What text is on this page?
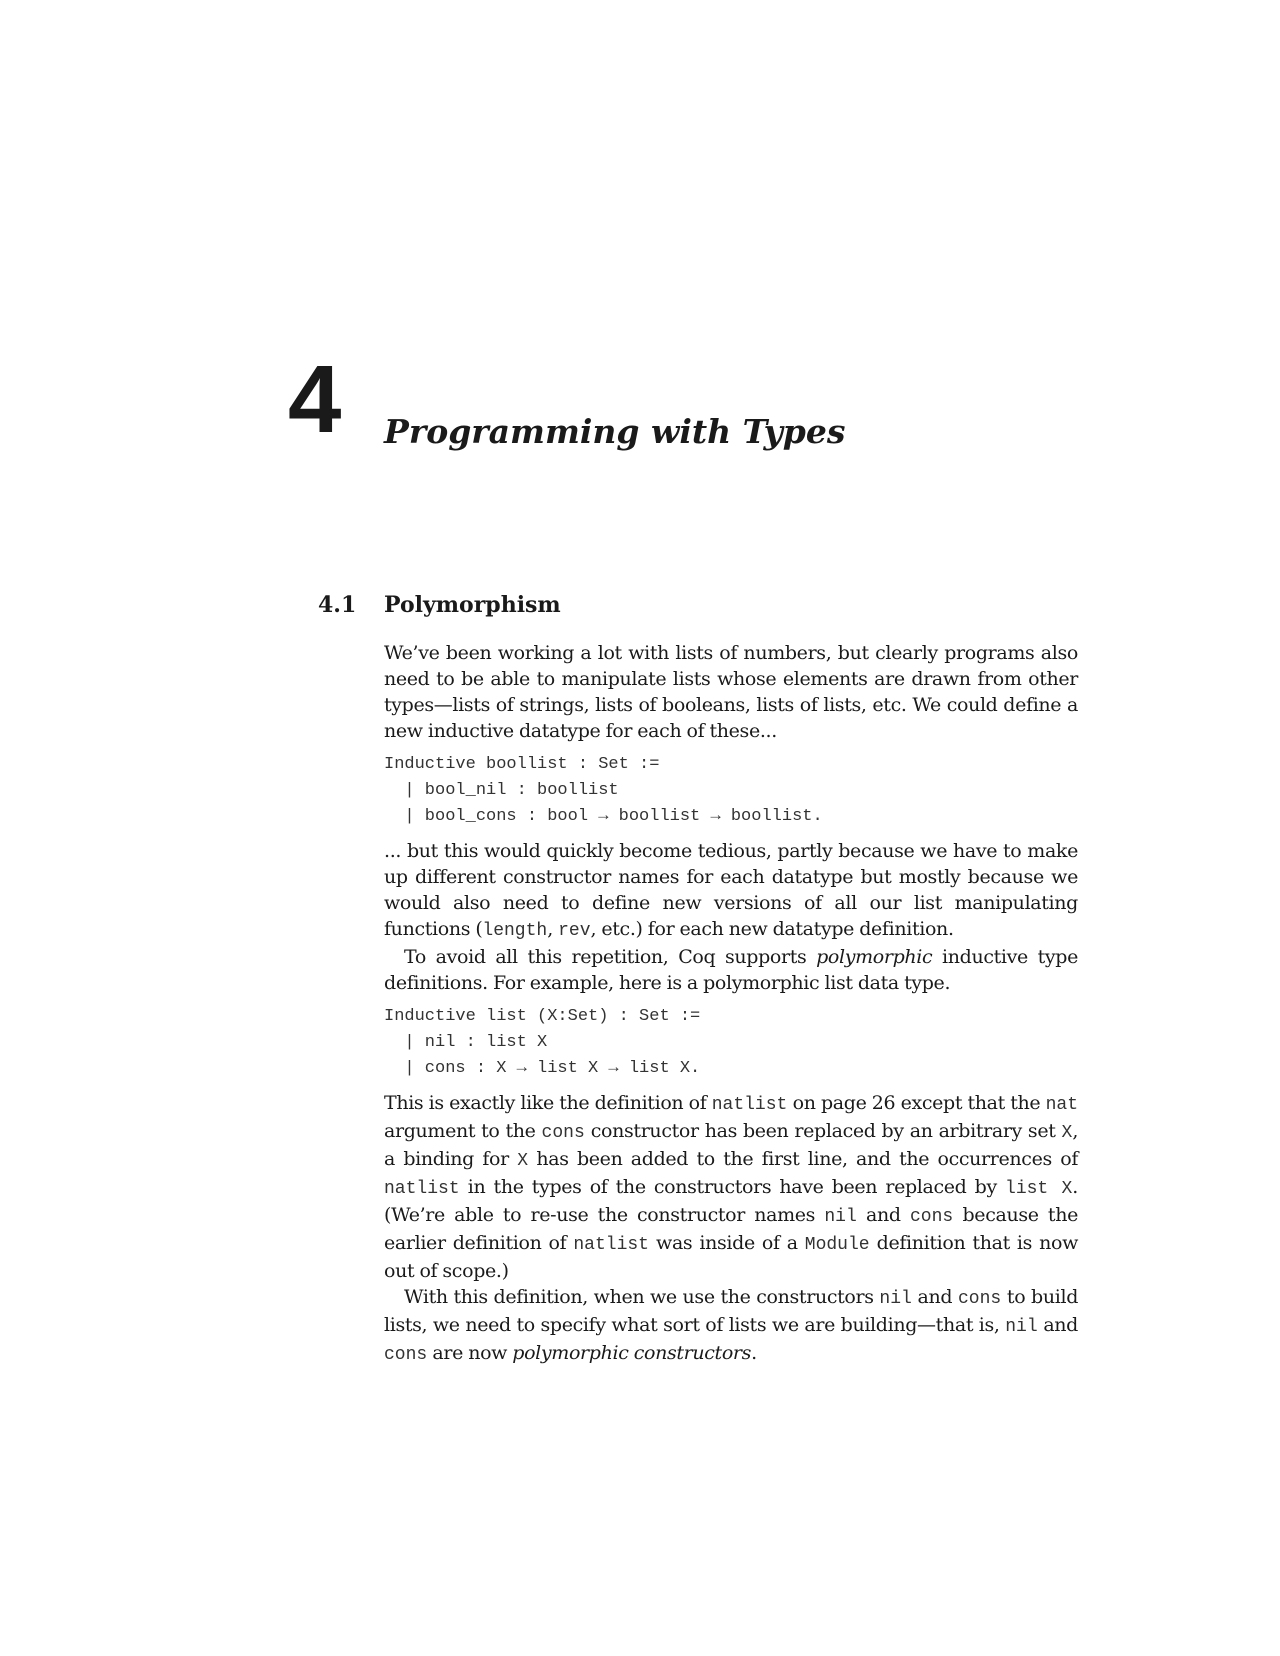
4 Programming with Types
4.1 Polymorphism

We’ve been working a lot with lists of numbers, but clearly programs also need to be able to manipulate lists whose elements are drawn from other types—lists of strings, lists of booleans, lists of lists, etc. We could define a new inductive datatype for each of these...

Inductive boollist : Set :=
| bool_nil : boollist
| bool_cons : bool → boollist → boollist.

... but this would quickly become tedious, partly because we have to make up different constructor names for each datatype but mostly because we would also need to define new versions of all our list manipulating functions (length, rev, etc.) for each new datatype definition.

To avoid all this repetition, Coq supports polymorphic inductive type definitions. For example, here is a polymorphic list data type.

Inductive list (X:Set) : Set :=
| nil : list X
| cons : X → list X → list X.

This is exactly like the definition of natlist on page 26 except that the nat argument to the cons constructor has been replaced by an arbitrary set X, a binding for X has been added to the first line, and the occurrences of natlist in the types of the constructors have been replaced by list X. (We’re able to re-use the constructor names nil and cons because the earlier definition of natlist was inside of a Module definition that is now out of scope.)

With this definition, when we use the constructors nil and cons to build lists, we need to specify what sort of lists we are building—that is, nil and cons are now polymorphic constructors.
